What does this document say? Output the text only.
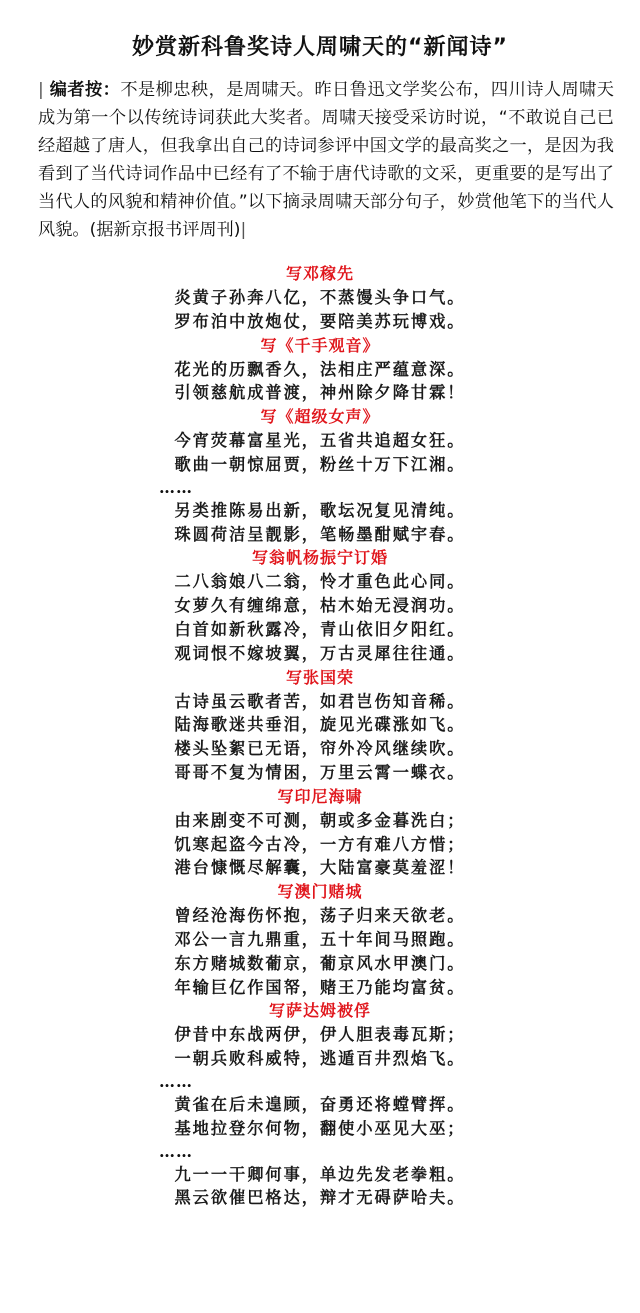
妙赏新科鲁奖诗人周啸天的“新闻诗”
| 编者按：不是柳忠秧，是周啸天。昨日鲁迅文学奖公布，四川诗人周啸天成为第一个以传统诗词获此大奖者。周啸天接受采访时说，“不敢说自己已经超越了唐人，但我拿出自己的诗词参评中国文学的最高奖之一，是因为我看到了当代诗词作品中已经有了不输于唐代诗歌的文采，更重要的是写出了当代人的风貌和精神价值。”以下摘录周啸天部分句子，妙赏他笔下的当代人风貌。(据新京报书评周刊)|
写邓稼先
炎黄子孙奔八亿，不蒸馒头争口气。
罗布泊中放炮仗，要陪美苏玩博戏。
写《千手观音》
花光的历飘香久，法相庄严蕴意深。
引领慈航成普渡，神州除夕降甘霖！
写《超级女声》
今宵荧幕富星光，五省共追超女狂。
歌曲一朝惊屈贾，粉丝十万下江湘。
……
另类推陈易出新，歌坛况复见清纯。
珠圆荷洁呈靓影，笔畅墨酣赋宇春。
写翁帆杨振宁订婚
二八翁娘八二翁，怜才重色此心同。
女萝久有缠绵意，枯木始无浸润功。
白首如新秋露冷，青山依旧夕阳红。
观词恨不嫁坡翼，万古灵犀往往通。
写张国荣
古诗虽云歌者苦，如君岂伤知音稀。
陆海歌迷共垂泪，旋见光碟涨如飞。
楼头坠絮已无语，帘外冷风继续吹。
哥哥不复为情困，万里云霄一蝶衣。
写印尼海啸
由来剧变不可测，朝或多金暮洗白；
饥寒起盗今古冷，一方有难八方惜；
港台慷慨尽解囊，大陆富豪莫羞涩！
写澳门赌城
曾经沧海伤怀抱，荡子归来天欲老。
邓公一言九鼎重，五十年间马照跑。
东方赌城数葡京，葡京风水甲澳门。
年输巨亿作国帑，赌王乃能均富贫。
写萨达姆被俘
伊昔中东战两伊，伊人胆表毒瓦斯；
一朝兵败科威特，逃遁百井烈焰飞。
……
黄雀在后未遑顾，奋勇还将螳臂挥。
基地拉登尔何物，翻使小巫见大巫；
……
九一一干卿何事，单边先发老拳粗。
黑云欲催巴格达，辩才无碍萨哈夫。
